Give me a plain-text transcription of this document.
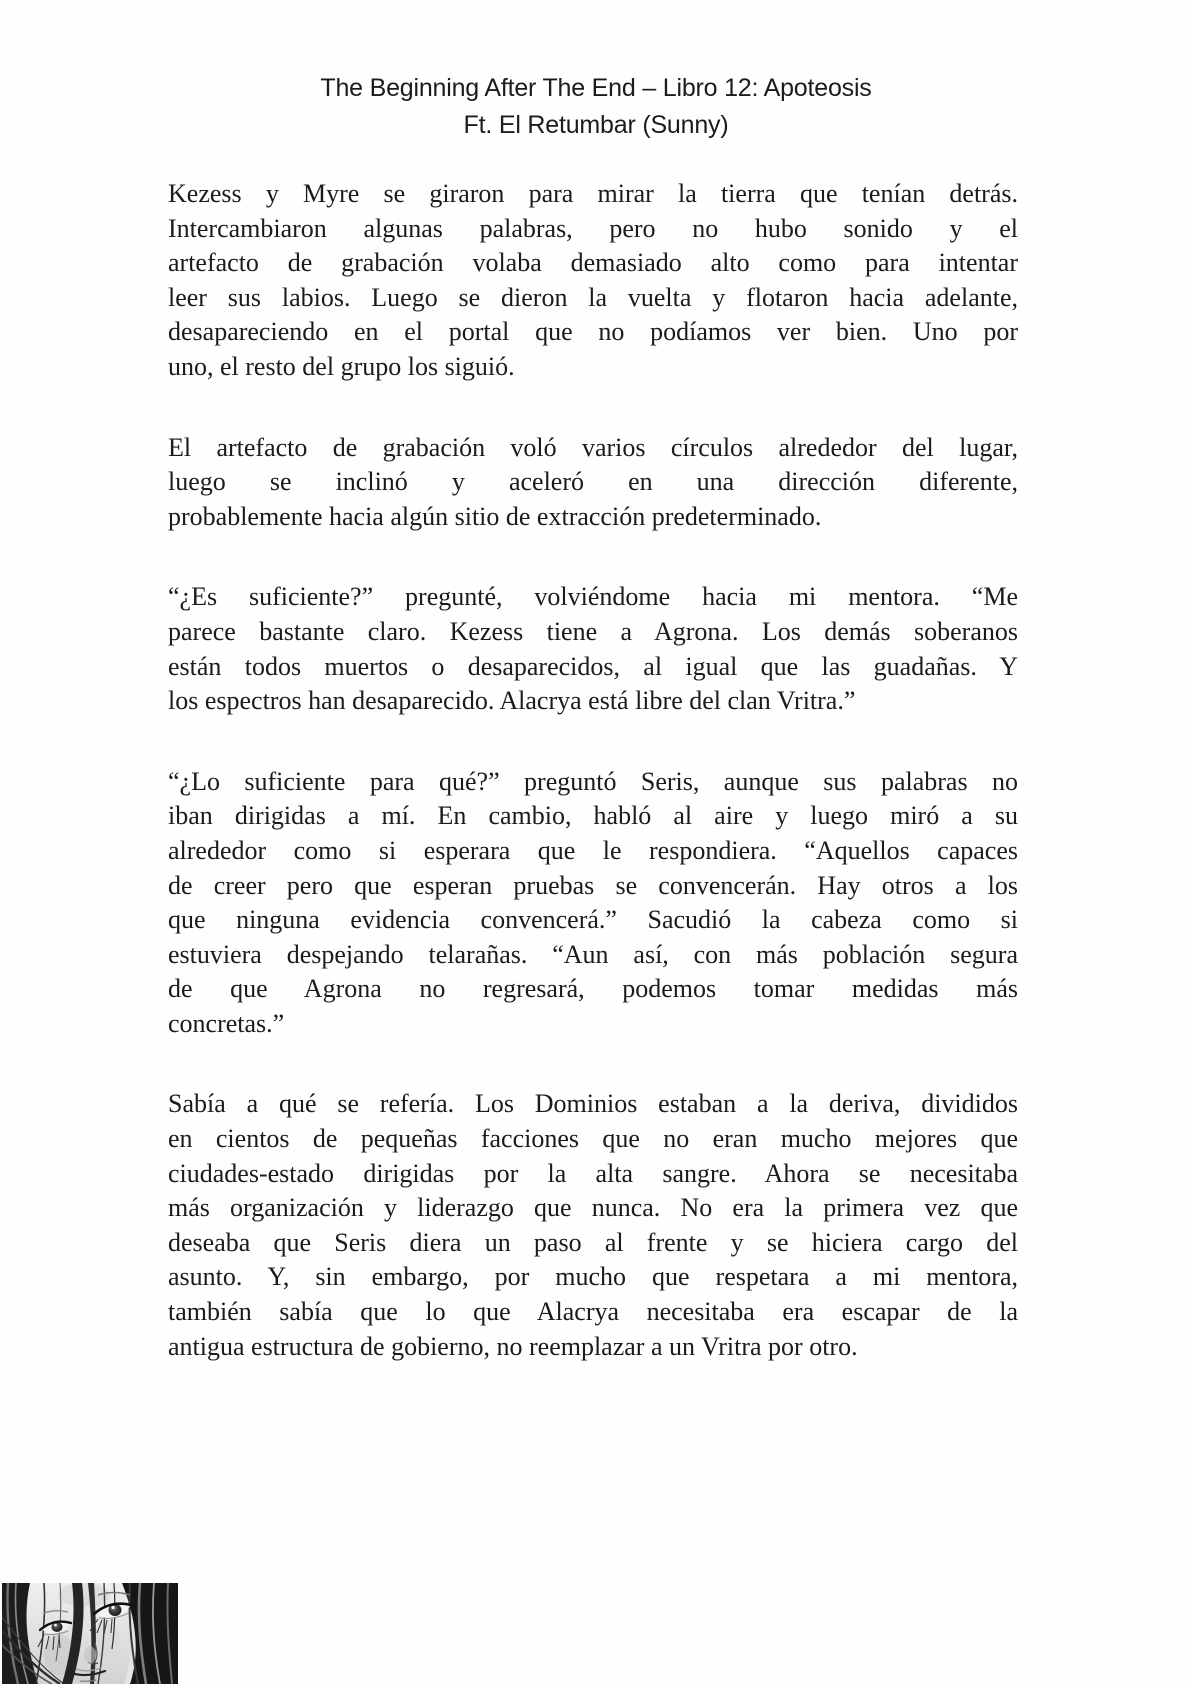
The Beginning After The End – Libro 12: Apoteosis
Ft. El Retumbar (Sunny)
Kezess y Myre se giraron para mirar la tierra que tenían detrás.
Intercambiaron algunas palabras, pero no hubo sonido y el
artefacto de grabación volaba demasiado alto como para intentar
leer sus labios. Luego se dieron la vuelta y flotaron hacia adelante,
desapareciendo en el portal que no podíamos ver bien. Uno por
uno, el resto del grupo los siguió.
El artefacto de grabación voló varios círculos alrededor del lugar,
luego se inclinó y aceleró en una dirección diferente,
probablemente hacia algún sitio de extracción predeterminado.
“¿Es suficiente?” pregunté, volviéndome hacia mi mentora. “Me
parece bastante claro. Kezess tiene a Agrona. Los demás soberanos
están todos muertos o desaparecidos, al igual que las guadañas. Y
los espectros han desaparecido. Alacrya está libre del clan Vritra.”
“¿Lo suficiente para qué?” preguntó Seris, aunque sus palabras no
iban dirigidas a mí. En cambio, habló al aire y luego miró a su
alrededor como si esperara que le respondiera. “Aquellos capaces
de creer pero que esperan pruebas se convencerán. Hay otros a los
que ninguna evidencia convencerá.” Sacudió la cabeza como si
estuviera despejando telarañas. “Aun así, con más población segura
de que Agrona no regresará, podemos tomar medidas más
concretas.”
Sabía a qué se refería. Los Dominios estaban a la deriva, divididos
en cientos de pequeñas facciones que no eran mucho mejores que
ciudades-estado dirigidas por la alta sangre. Ahora se necesitaba
más organización y liderazgo que nunca. No era la primera vez que
deseaba que Seris diera un paso al frente y se hiciera cargo del
asunto. Y, sin embargo, por mucho que respetara a mi mentora,
también sabía que lo que Alacrya necesitaba era escapar de la
antigua estructura de gobierno, no reemplazar a un Vritra por otro.
